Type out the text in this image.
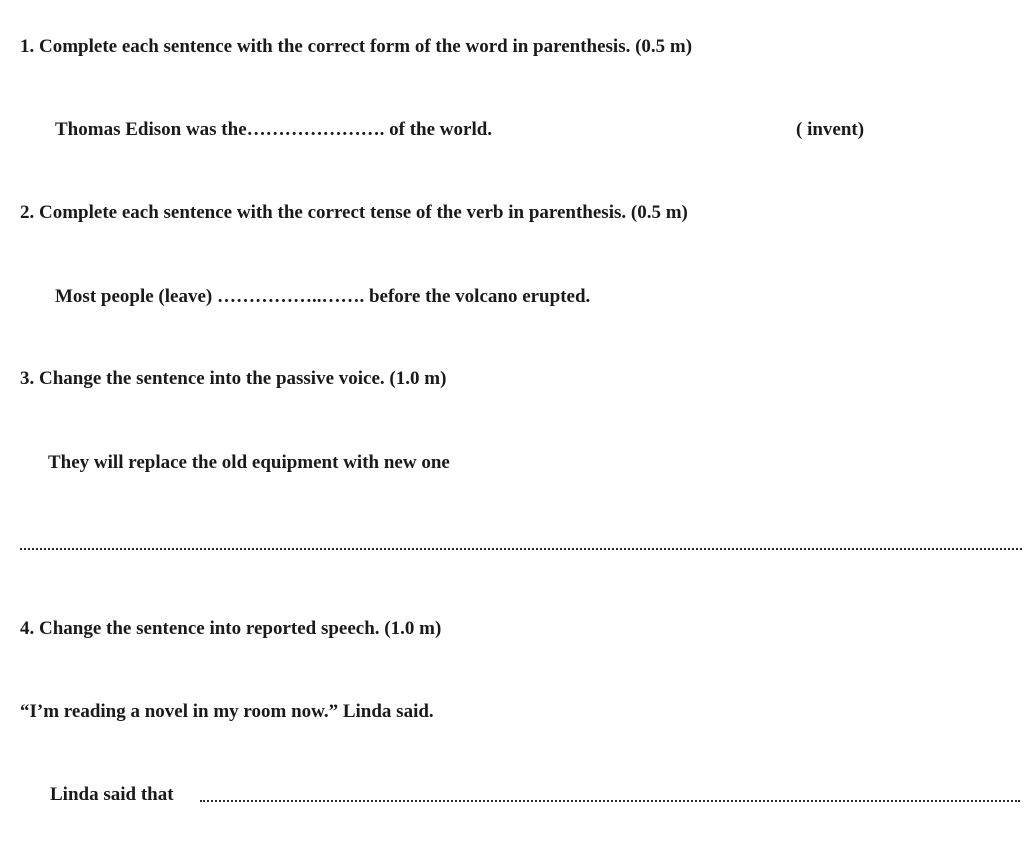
1. Complete each sentence with the correct form of the word in parenthesis. (0.5 m)
Thomas Edison was the…………………. of the world.	( invent)
2. Complete each sentence with the correct tense of the verb in parenthesis. (0.5 m)
Most people (leave) ……………..……. before the volcano erupted.
3. Change the sentence into the passive voice. (1.0 m)
They will replace the old equipment with new one
4. Change the sentence into reported speech. (1.0 m)
“I’m reading a novel in my room now.” Linda said.
Linda said that
